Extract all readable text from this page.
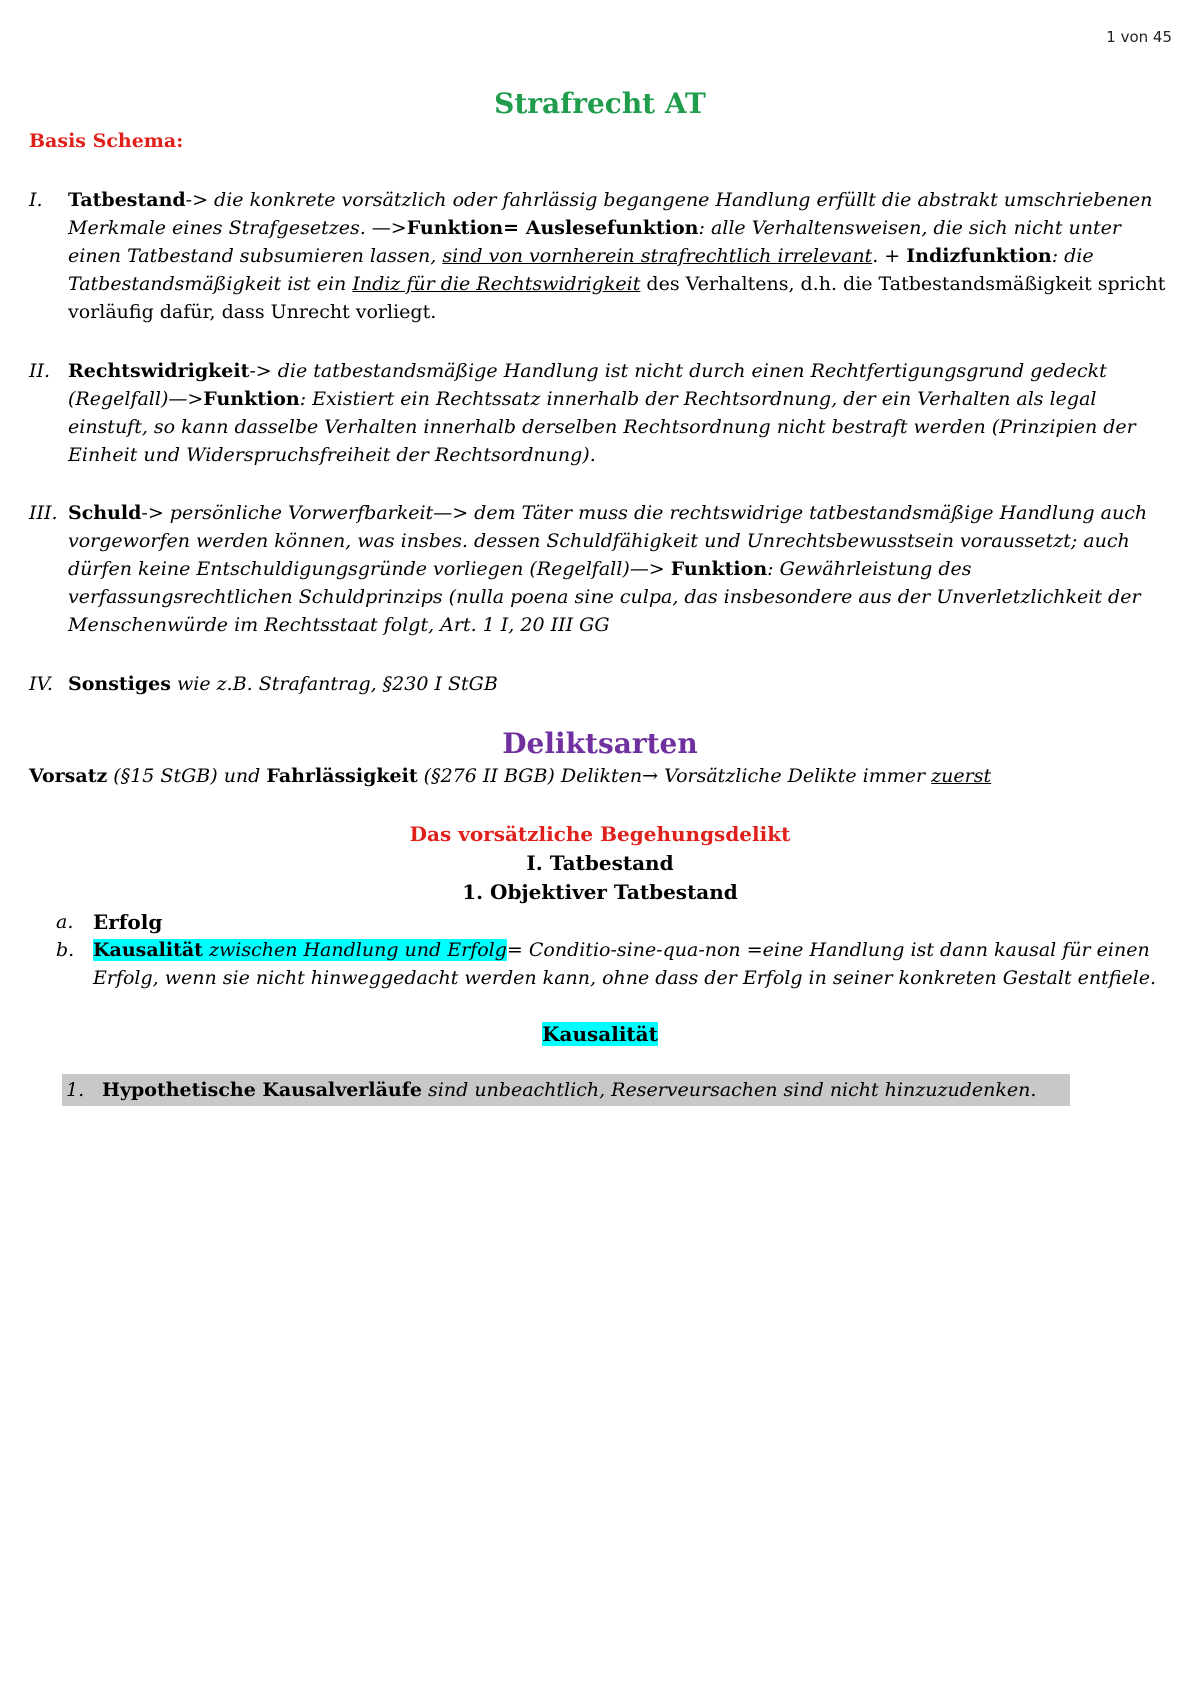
1 von 45
Strafrecht AT
Basis Schema:
I. Tatbestand-> die konkrete vorsätzlich oder fahrlässig begangene Handlung erfüllt die abstrakt umschriebenen Merkmale eines Strafgesetzes. —>Funktion= Auslesefunktion: alle Verhaltensweisen, die sich nicht unter einen Tatbestand subsumieren lassen, sind von vornherein strafrechtlich irrelevant. + Indizfunktion: die Tatbestandsmäßigkeit ist ein Indiz für die Rechtswidrigkeit des Verhaltens, d.h. die Tatbestandsmäßigkeit spricht vorläufig dafür, dass Unrecht vorliegt.
II. Rechtswidrigkeit-> die tatbestandsmäßige Handlung ist nicht durch einen Rechtfertigungsgrund gedeckt (Regelfall)—>Funktion: Existiert ein Rechtssatz innerhalb der Rechtsordnung, der ein Verhalten als legal einstuft, so kann dasselbe Verhalten innerhalb derselben Rechtsordnung nicht bestraft werden (Prinzipien der Einheit und Widerspruchsfreiheit der Rechtsordnung).
III. Schuld-> persönliche Vorwerfbarkeit—> dem Täter muss die rechtswidrige tatbestandsmäßige Handlung auch vorgeworfen werden können, was insbes. dessen Schuldfähigkeit und Unrechtsbewusstsein voraussetzt; auch dürfen keine Entschuldigungsgründe vorliegen (Regelfall)—> Funktion: Gewährleistung des verfassungsrechtlichen Schuldprinzips (nulla poena sine culpa, das insbesondere aus der Unverletzlichkeit der Menschenwürde im Rechtsstaat folgt, Art. 1 I, 20 III GG
IV. Sonstiges wie z.B. Strafantrag, §230 I StGB
Deliktsarten
Vorsatz (§15 StGB) und Fahrlässigkeit (§276 II BGB) Delikten→ Vorsätzliche Delikte immer zuerst
Das vorsätzliche Begehungsdelikt
I. Tatbestand
1. Objektiver Tatbestand
a. Erfolg
b. Kausalität zwischen Handlung und Erfolg= Conditio-sine-qua-non =eine Handlung ist dann kausal für einen Erfolg, wenn sie nicht hinweggedacht werden kann, ohne dass der Erfolg in seiner konkreten Gestalt entfiele.
Kausalität
1. Hypothetische Kausalverläufe sind unbeachtlich, Reserveursachen sind nicht hinzuzudenken.
